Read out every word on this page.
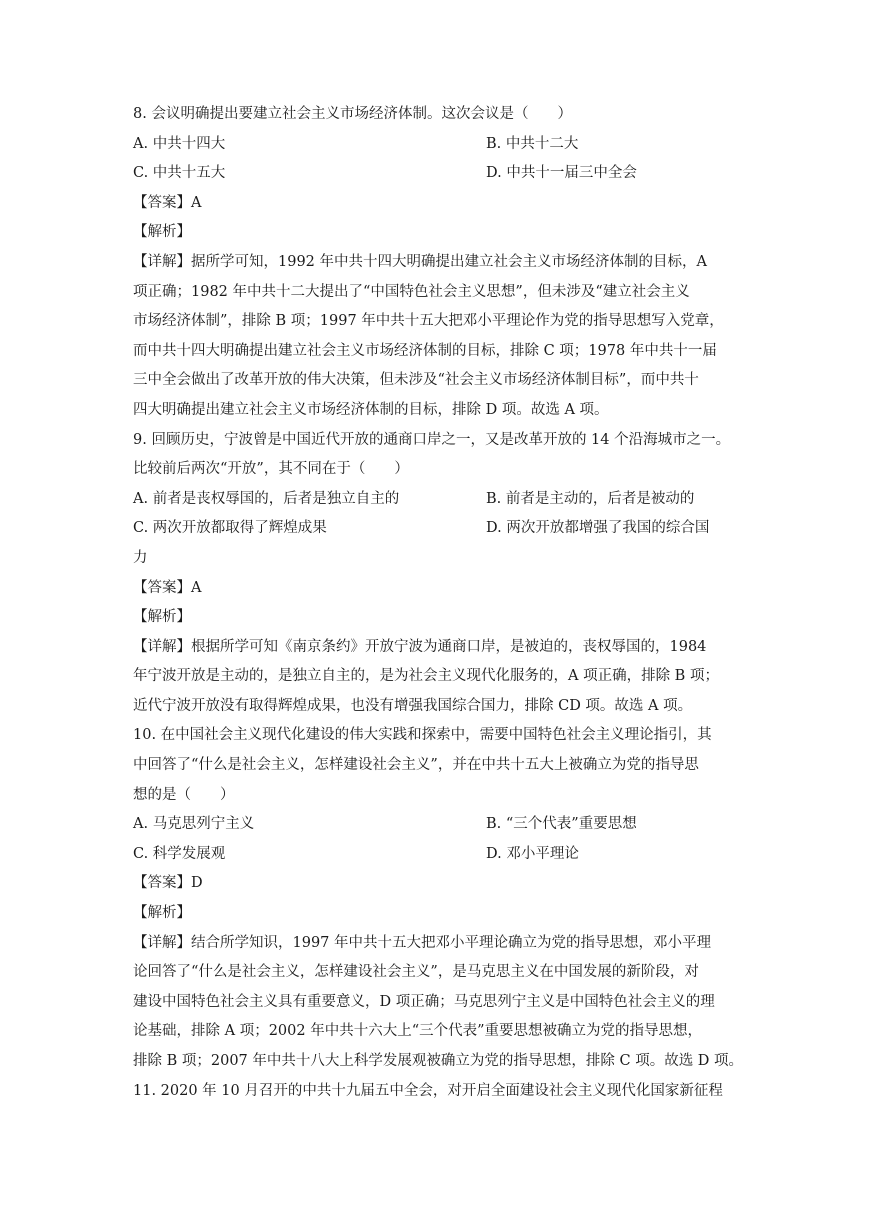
8. 会议明确提出要建立社会主义市场经济体制。这次会议是（　　）
A. 中共十四大	B. 中共十二大
C. 中共十五大	D. 中共十一届三中全会
【答案】A
【解析】
【详解】据所学可知，1992 年中共十四大明确提出建立社会主义市场经济体制的目标，A
项正确；1982 年中共十二大提出了“中国特色社会主义思想”，但未涉及“建立社会主义
市场经济体制”，排除 B 项；1997 年中共十五大把邓小平理论作为党的指导思想写入党章，
而中共十四大明确提出建立社会主义市场经济体制的目标，排除 C 项；1978 年中共十一届
三中全会做出了改革开放的伟大决策，但未涉及“社会主义市场经济体制目标”，而中共十
四大明确提出建立社会主义市场经济体制的目标，排除 D 项。故选 A 项。
9. 回顾历史，宁波曾是中国近代开放的通商口岸之一，又是改革开放的 14 个沿海城市之一。
比较前后两次“开放”，其不同在于（　　）
A. 前者是丧权辱国的，后者是独立自主的	B. 前者是主动的，后者是被动的
C. 两次开放都取得了辉煌成果	D. 两次开放都增强了我国的综合国
力
【答案】A
【解析】
【详解】根据所学可知《南京条约》开放宁波为通商口岸，是被迫的，丧权辱国的，1984
年宁波开放是主动的，是独立自主的，是为社会主义现代化服务的，A 项正确，排除 B 项；
近代宁波开放没有取得辉煌成果，也没有增强我国综合国力，排除 CD 项。故选 A 项。
10. 在中国社会主义现代化建设的伟大实践和探索中，需要中国特色社会主义理论指引，其
中回答了“什么是社会主义，怎样建设社会主义”，并在中共十五大上被确立为党的指导思
想的是（　　）
A. 马克思列宁主义	B. “三个代表”重要思想
C. 科学发展观	D. 邓小平理论
【答案】D
【解析】
【详解】结合所学知识，1997 年中共十五大把邓小平理论确立为党的指导思想，邓小平理
论回答了“什么是社会主义，怎样建设社会主义”，是马克思主义在中国发展的新阶段，对
建设中国特色社会主义具有重要意义，D 项正确；马克思列宁主义是中国特色社会主义的理
论基础，排除 A 项；2002 年中共十六大上“三个代表”重要思想被确立为党的指导思想，
排除 B 项；2007 年中共十八大上科学发展观被确立为党的指导思想，排除 C 项。故选 D 项。
11. 2020 年 10 月召开的中共十九届五中全会，对开启全面建设社会主义现代化国家新征程
